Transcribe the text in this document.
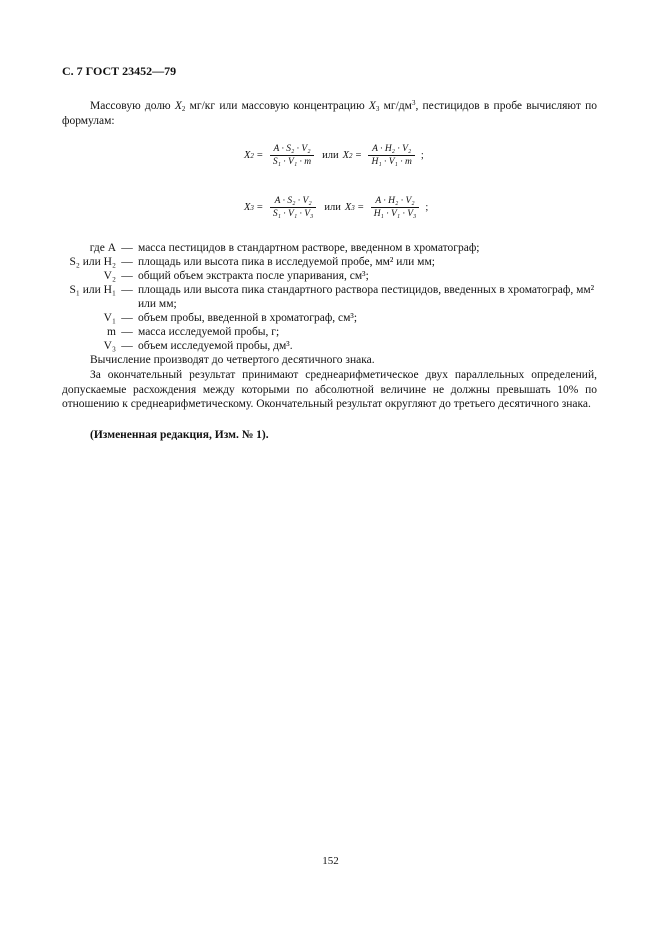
С. 7 ГОСТ 23452—79
Массовую долю $X_2$ мг/кг или массовую концентрацию $X_3$ $мг/дм^3$, пестицидов в пробе вычисляют по формулам:
X $2 = \frac{\text{A · S₂ · V₂}}{\text{S₁ · V₁ · m}}$ или X $2 = \frac{\text{A · H₂ · V₂}}{\text{H₁ · V₁ · m}}$ ;
X $3 = \frac{\text{A · S₂ · V₂}}{\text{S₁ · V₁ · V₃}}$ или X $3 = \frac{\text{A · H₂ · V₂}}{\text{H₁ · V₁ · V₃}}$ ;
где A — масса пестицидов в стандартном растворе, введенном в хроматограф;
S₂ или H₂ — площадь или высота пика в исследуемой пробе, мм² или мм;
V₂ — общий объем экстракта после упаривания, см³;
S₁ или H₁ — площадь или высота пика стандартного раствора пестицидов, введенных в хроматограф, мм² или мм;
V₁ — объем пробы, введенной в хроматограф, см³;
m — масса исследуемой пробы, г;
V₃ — объем исследуемой пробы, дм³.
Вычисление производят до четвертого десятичного знака.
За окончательный результат принимают среднеарифметическое двух параллельных определений, допускаемые расхождения между которыми по абсолютной величине не должны превышать 10% по отношению к среднеарифметическому. Окончательный результат округляют до третьего десятичного знака.
(Измененная редакция, Изм. № 1).
152
